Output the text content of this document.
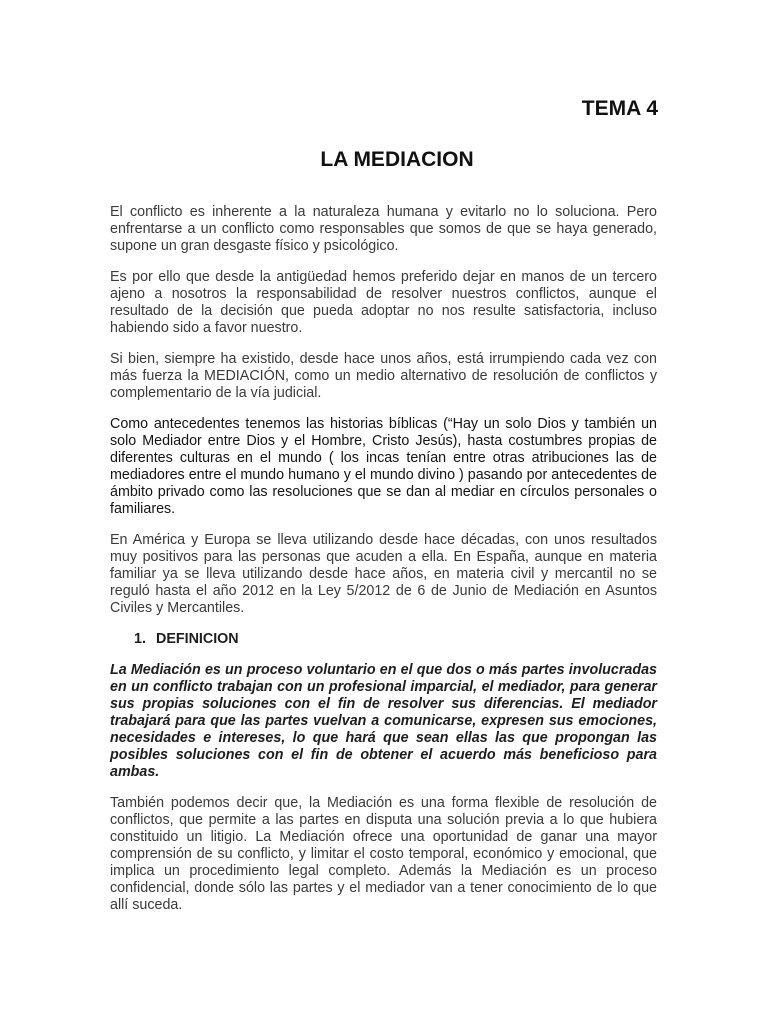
TEMA 4
LA MEDIACION

El conflicto es inherente a la naturaleza humana y evitarlo no lo soluciona. Pero enfrentarse a un conflicto como responsables que somos de que se haya generado, supone un gran desgaste físico y psicológico.

Es por ello que desde la antigüedad hemos preferido dejar en manos de un tercero ajeno a nosotros la responsabilidad de resolver nuestros conflictos, aunque el resultado de la decisión que pueda adoptar no nos resulte satisfactoria, incluso habiendo sido a favor nuestro.

Si bien, siempre ha existido, desde hace unos años, está irrumpiendo cada vez con más fuerza la MEDIACIÓN, como un medio alternativo de resolución de conflictos y complementario de la vía judicial.

Como antecedentes tenemos las historias bíblicas (“Hay un solo Dios y también un solo Mediador entre Dios y el Hombre, Cristo Jesús), hasta costumbres propias de diferentes culturas en el mundo ( los incas tenían entre otras atribuciones las de mediadores entre el mundo humano y el mundo divino ) pasando por antecedentes de ámbito privado como las resoluciones que se dan al mediar en círculos personales o familiares.

En América y Europa se lleva utilizando desde hace décadas, con unos resultados muy positivos para las personas que acuden a ella. En España, aunque en materia familiar ya se lleva utilizando desde hace años, en materia civil y mercantil no se reguló hasta el año 2012 en la Ley 5/2012 de 6 de Junio de Mediación en Asuntos Civiles y Mercantiles.

1. DEFINICION

La Mediación es un proceso voluntario en el que dos o más partes involucradas en un conflicto trabajan con un profesional imparcial, el mediador, para generar sus propias soluciones con el fin de resolver sus diferencias. El mediador trabajará para que las partes vuelvan a comunicarse, expresen sus emociones, necesidades e intereses, lo que hará que sean ellas las que propongan las posibles soluciones con el fin de obtener el acuerdo más beneficioso para ambas.

También podemos decir que, la Mediación es una forma flexible de resolución de conflictos, que permite a las partes en disputa una solución previa a lo que hubiera constituido un litigio. La Mediación ofrece una oportunidad de ganar una mayor comprensión de su conflicto, y limitar el costo temporal, económico y emocional, que implica un procedimiento legal completo. Además la Mediación es un proceso confidencial, donde sólo las partes y el mediador van a tener conocimiento de lo que allí suceda.
